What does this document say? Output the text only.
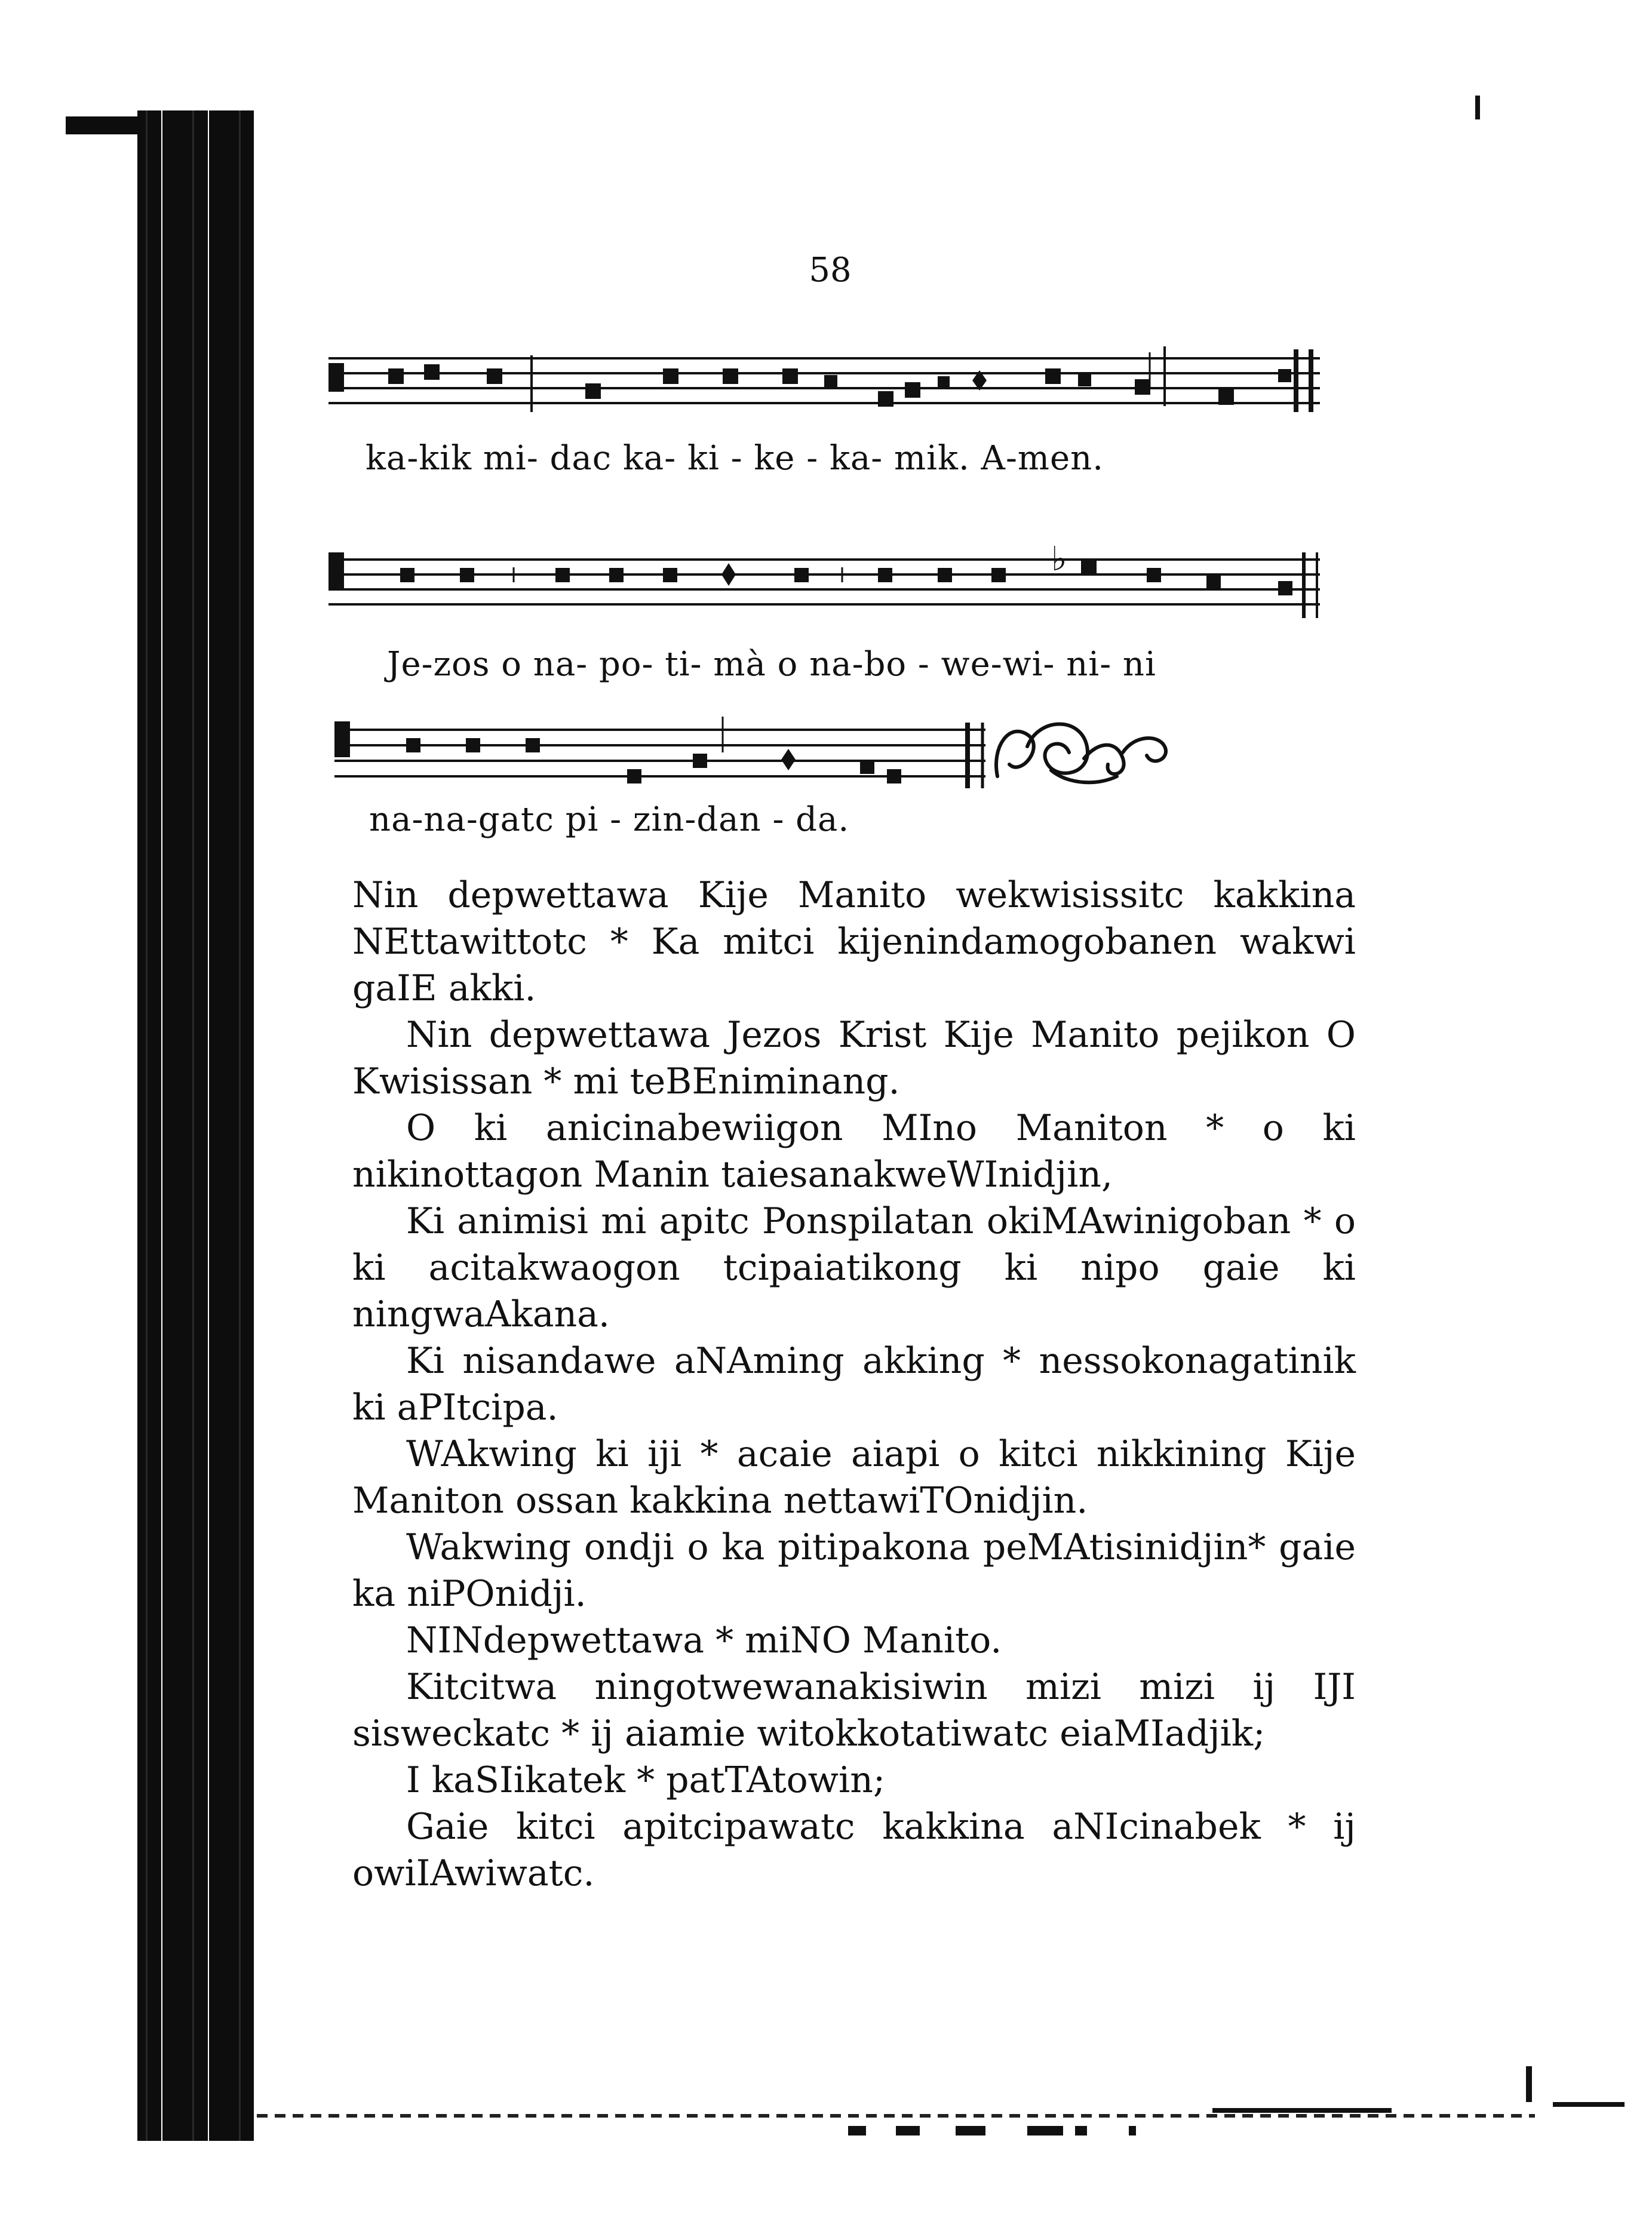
58
ka-kik mi- dac ka- ki - ke - ka- mik. A-men.
♭
Je-zos o na- po- ti- mà o na-bo - we-wi- ni- ni
na-na-gatc pi - zin-dan - da.

Nin depwettawa Kije Manito wekwisissitc kakkina NEttawittotc * Ka mitci kijenindamogobanen wakwi gaIE akki.

Nin depwettawa Jezos Krist Kije Manito pejikon O Kwisissan * mi teBEniminang.

O ki anicinabewiigon MIno Maniton * o ki nikinottagon Manin taiesanakweWInidjin,

Ki animisi mi apitc Ponspilatan okiMAwinigoban * o ki acitakwaogon tcipaiatikong ki nipo gaie ki ningwaAkana.

Ki nisandawe aNAming akking * nessokonagatinik ki aPItcipa.

WAkwing ki iji * acaie aiapi o kitci nikkining Kije Maniton ossan kakkina nettawiTOnidjin.

Wakwing ondji o ka pitipakona peMAtisinidjin* gaie ka niPOnidji.

NINdepwettawa * miNO Manito.

Kitcitwa ningotwewanakisiwin mizi mizi ij IJI sisweckatc * ij aiamie witokkotatiwatc eiaMIadjik;

I kaSIikatek * patTAtowin;

Gaie kitci apitcipawatc kakkina aNIcinabek * ij owiIAwiwatc.
